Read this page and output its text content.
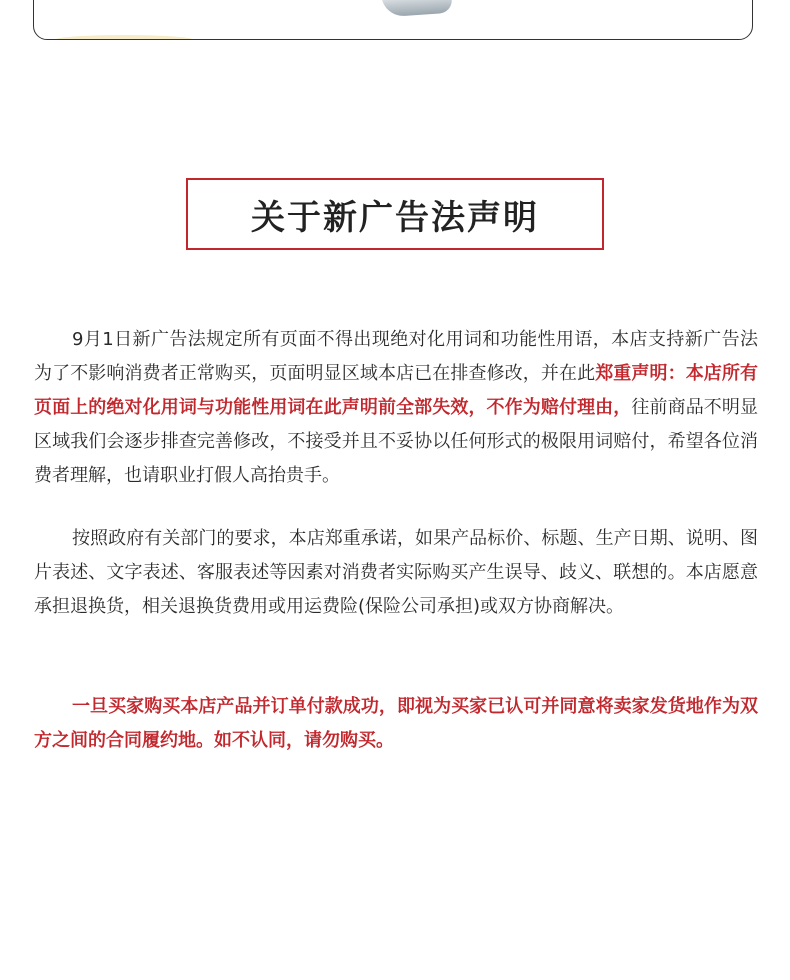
关于新广告法声明

9月1日新广告法规定所有页面不得出现绝对化用词和功能性用语，本店支持新广告法为了不影响消费者正常购买，页面明显区域本店已在排查修改，并在此郑重声明：本店所有页面上的绝对化用词与功能性用词在此声明前全部失效，不作为赔付理由，往前商品不明显区域我们会逐步排查完善修改，不接受并且不妥协以任何形式的极限用词赔付，希望各位消费者理解，也请职业打假人高抬贵手。

按照政府有关部门的要求，本店郑重承诺，如果产品标价、标题、生产日期、说明、图片表述、文字表述、客服表述等因素对消费者实际购买产生误导、歧义、联想的。本店愿意承担退换货，相关退换货费用或用运费险(保险公司承担)或双方协商解决。

一旦买家购买本店产品并订单付款成功，即视为买家已认可并同意将卖家发货地作为双方之间的合同履约地。如不认同，请勿购买。
